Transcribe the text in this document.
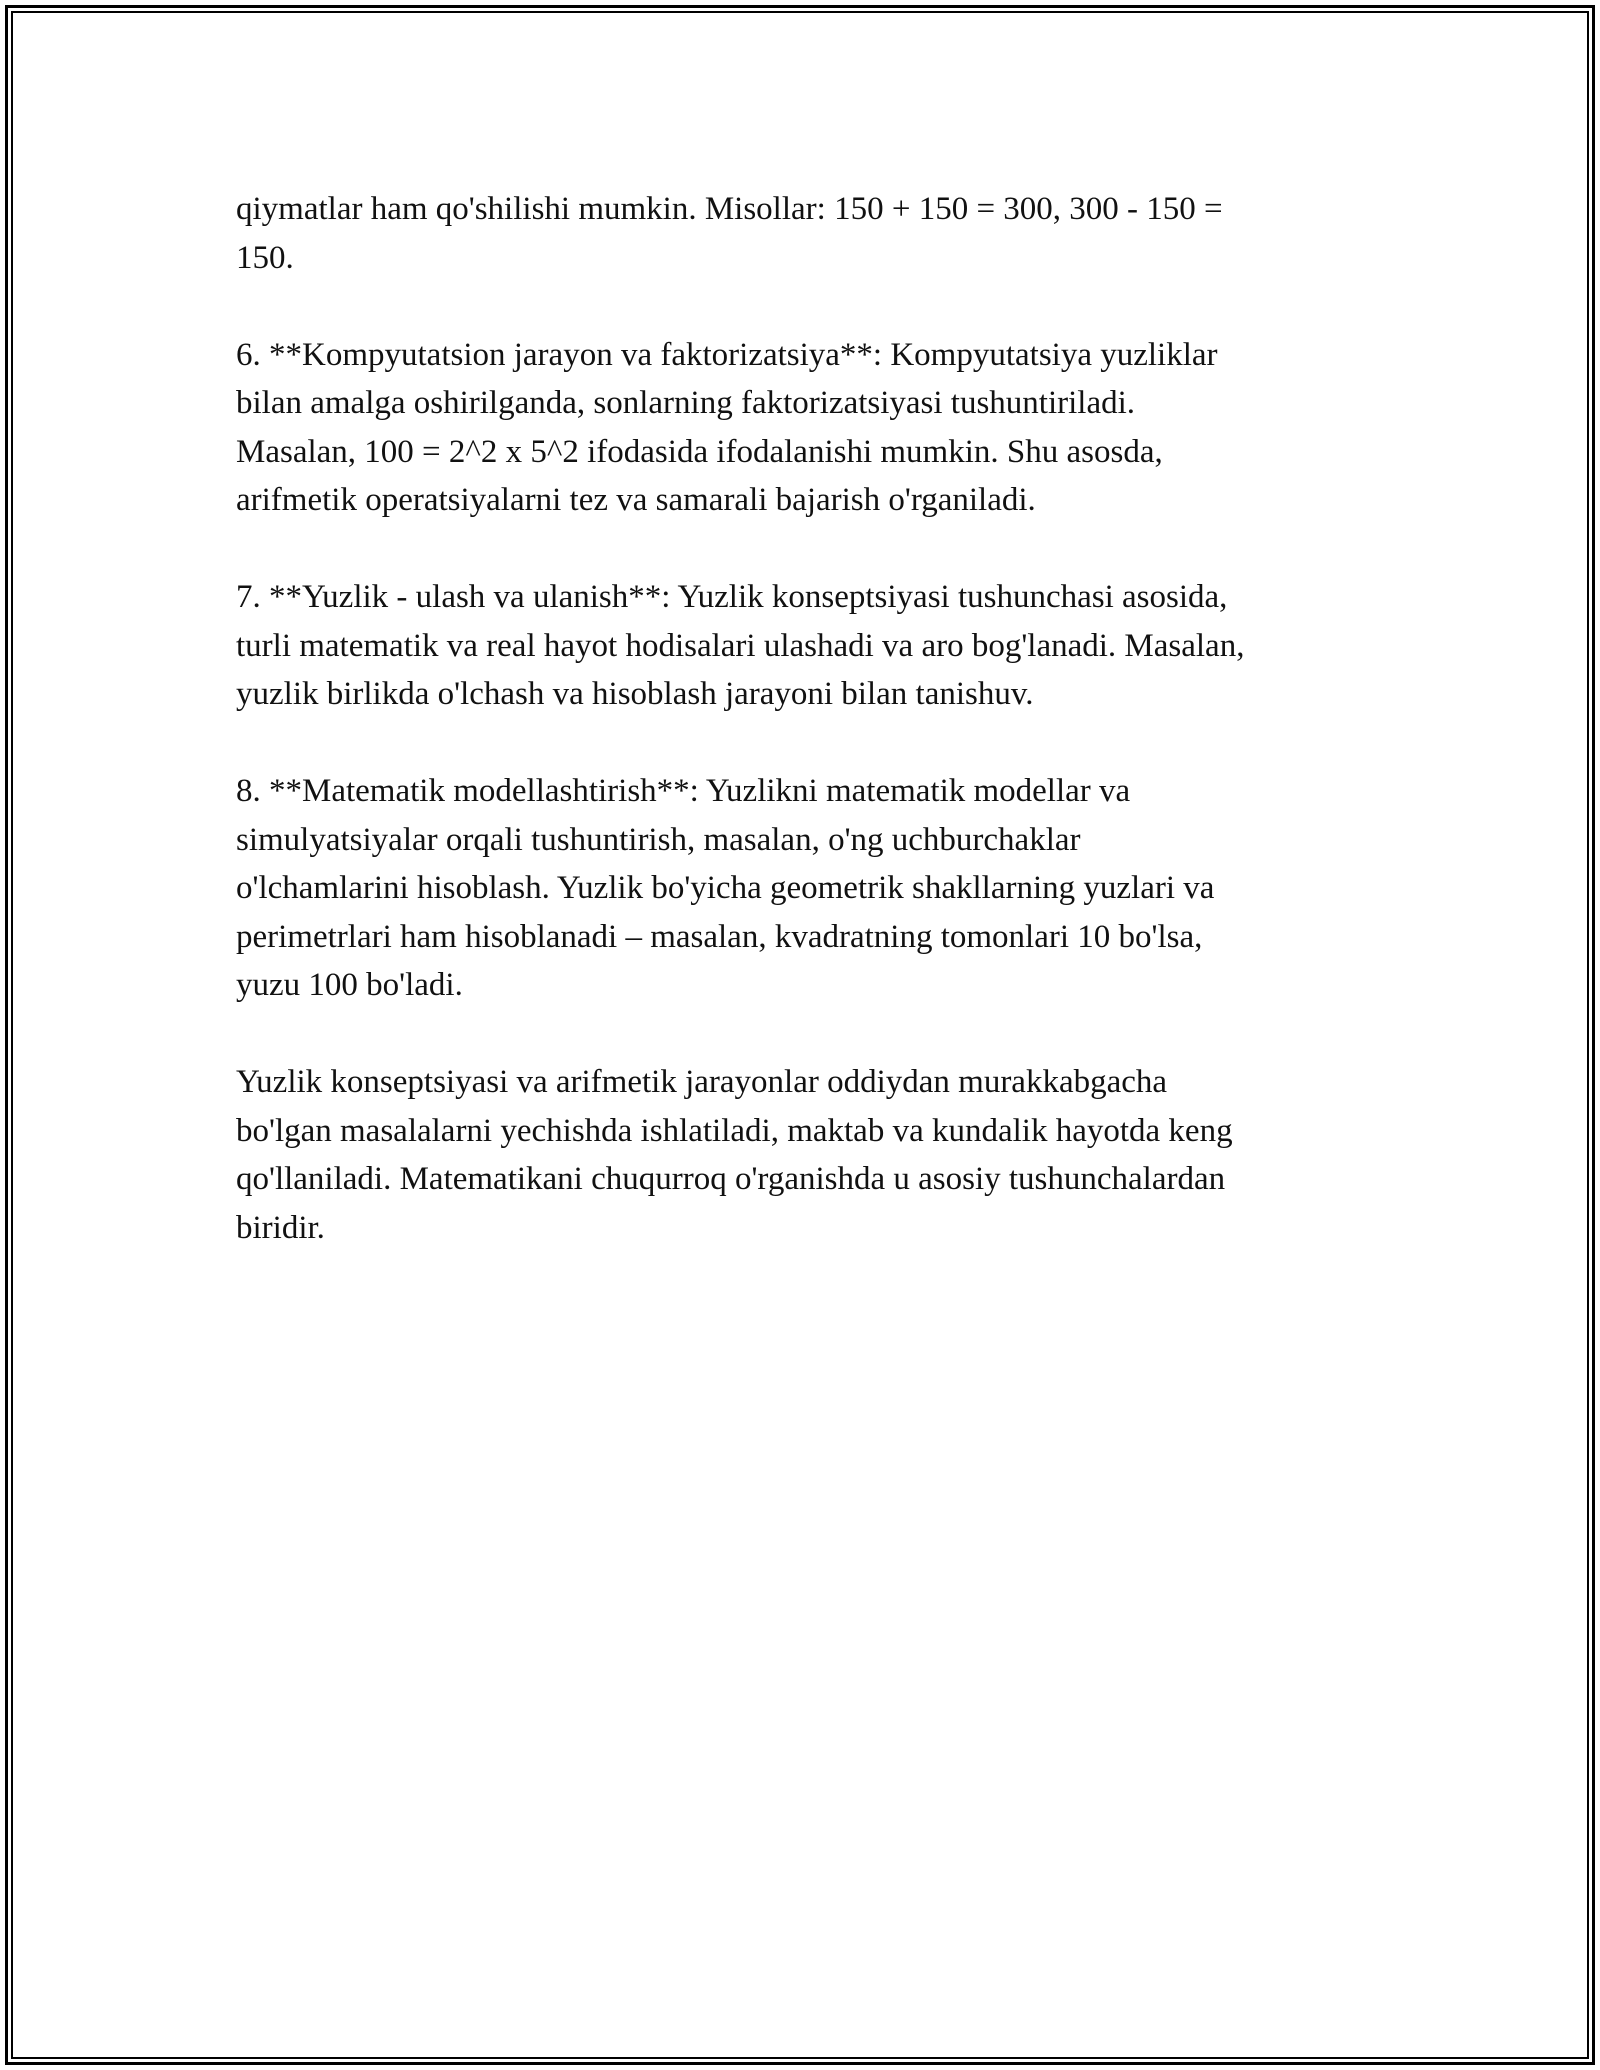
qiymatlar ham qo'shilishi mumkin. Misollar: 150 + 150 = 300, 300 - 150 =
150.

6. **Kompyutatsion jarayon va faktorizatsiya**: Kompyutatsiya yuzliklar
bilan amalga oshirilganda, sonlarning faktorizatsiyasi tushuntiriladi.
Masalan, 100 = 2^2 x 5^2 ifodasida ifodalanishi mumkin. Shu asosda,
arifmetik operatsiyalarni tez va samarali bajarish o'rganiladi.

7. **Yuzlik - ulash va ulanish**: Yuzlik konseptsiyasi tushunchasi asosida,
turli matematik va real hayot hodisalari ulashadi va aro bog'lanadi. Masalan,
yuzlik birlikda o'lchash va hisoblash jarayoni bilan tanishuv.

8. **Matematik modellashtirish**: Yuzlikni matematik modellar va
simulyatsiyalar orqali tushuntirish, masalan, o'ng uchburchaklar
o'lchamlarini hisoblash. Yuzlik bo'yicha geometrik shakllarning yuzlari va
perimetrlari ham hisoblanadi – masalan, kvadratning tomonlari 10 bo'lsa,
yuzu 100 bo'ladi.

Yuzlik konseptsiyasi va arifmetik jarayonlar oddiydan murakkabgacha
bo'lgan masalalarni yechishda ishlatiladi, maktab va kundalik hayotda keng
qo'llaniladi. Matematikani chuqurroq o'rganishda u asosiy tushunchalardan
biridir.
